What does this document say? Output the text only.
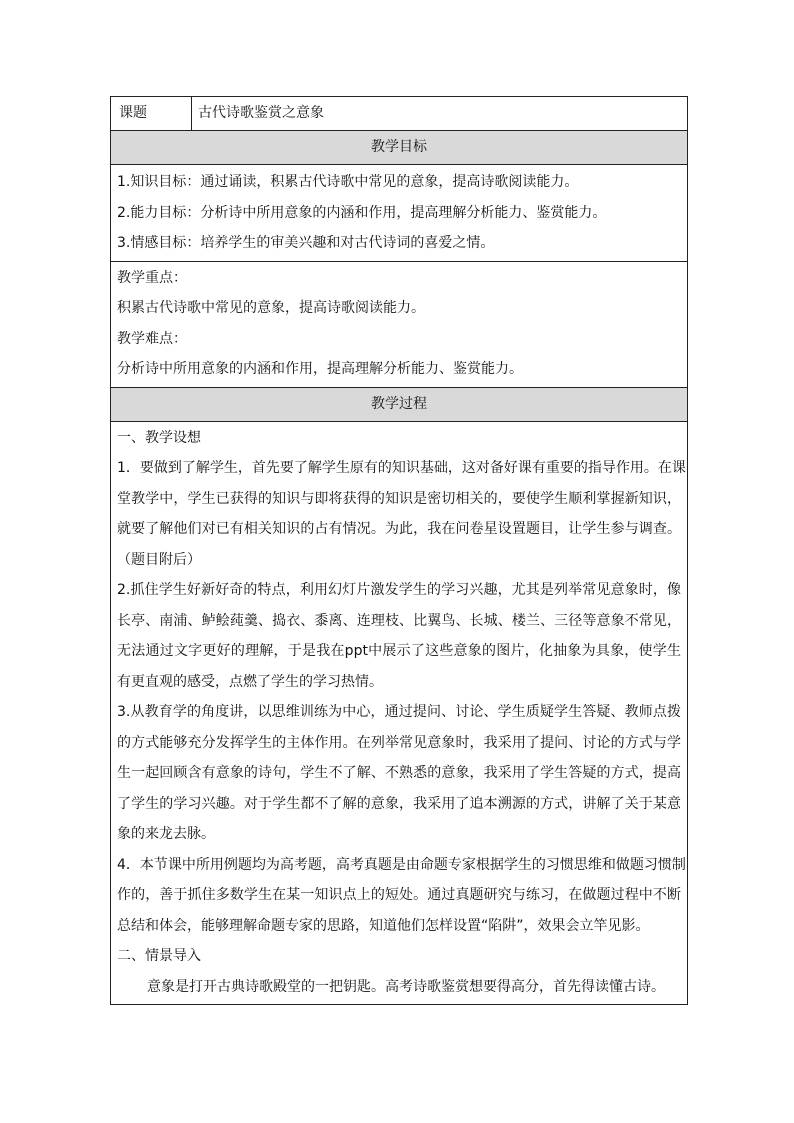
课题	古代诗歌鉴赏之意象
教学目标

1.知识目标：通过诵读，积累古代诗歌中常见的意象，提高诗歌阅读能力。

2.能力目标：分析诗中所用意象的内涵和作用，提高理解分析能力、鉴赏能力。

3.情感目标：培养学生的审美兴趣和对古代诗词的喜爱之情。

教学重点：

积累古代诗歌中常见的意象，提高诗歌阅读能力。

教学难点：

分析诗中所用意象的内涵和作用，提高理解分析能力、鉴赏能力。

教学过程

一、教学设想

1．要做到了解学生，首先要了解学生原有的知识基础，这对备好课有重要的指导作用。在课

堂教学中，学生已获得的知识与即将获得的知识是密切相关的，要使学生顺利掌握新知识，

就要了解他们对已有相关知识的占有情况。为此，我在问卷星设置题目，让学生参与调查。

（题目附后）

2.抓住学生好新好奇的特点，利用幻灯片激发学生的学习兴趣，尤其是列举常见意象时，像

长亭、南浦、鲈鲙莼羹、捣衣、黍离、连理枝、比翼鸟、长城、楼兰、三径等意象不常见，

无法通过文字更好的理解，于是我在ppt中展示了这些意象的图片，化抽象为具象，使学生

有更直观的感受，点燃了学生的学习热情。

3.从教育学的角度讲，以思维训练为中心，通过提问、讨论、学生质疑学生答疑、教师点拨

的方式能够充分发挥学生的主体作用。在列举常见意象时，我采用了提问、讨论的方式与学

生一起回顾含有意象的诗句，学生不了解、不熟悉的意象，我采用了学生答疑的方式，提高

了学生的学习兴趣。对于学生都不了解的意象，我采用了追本溯源的方式，讲解了关于某意

象的来龙去脉。

4．本节课中所用例题均为高考题，高考真题是由命题专家根据学生的习惯思维和做题习惯制

作的，善于抓住多数学生在某一知识点上的短处。通过真题研究与练习，在做题过程中不断

总结和体会，能够理解命题专家的思路，知道他们怎样设置“陷阱”，效果会立竿见影。

二、情景导入

意象是打开古典诗歌殿堂的一把钥匙。高考诗歌鉴赏想要得高分，首先得读懂古诗。
